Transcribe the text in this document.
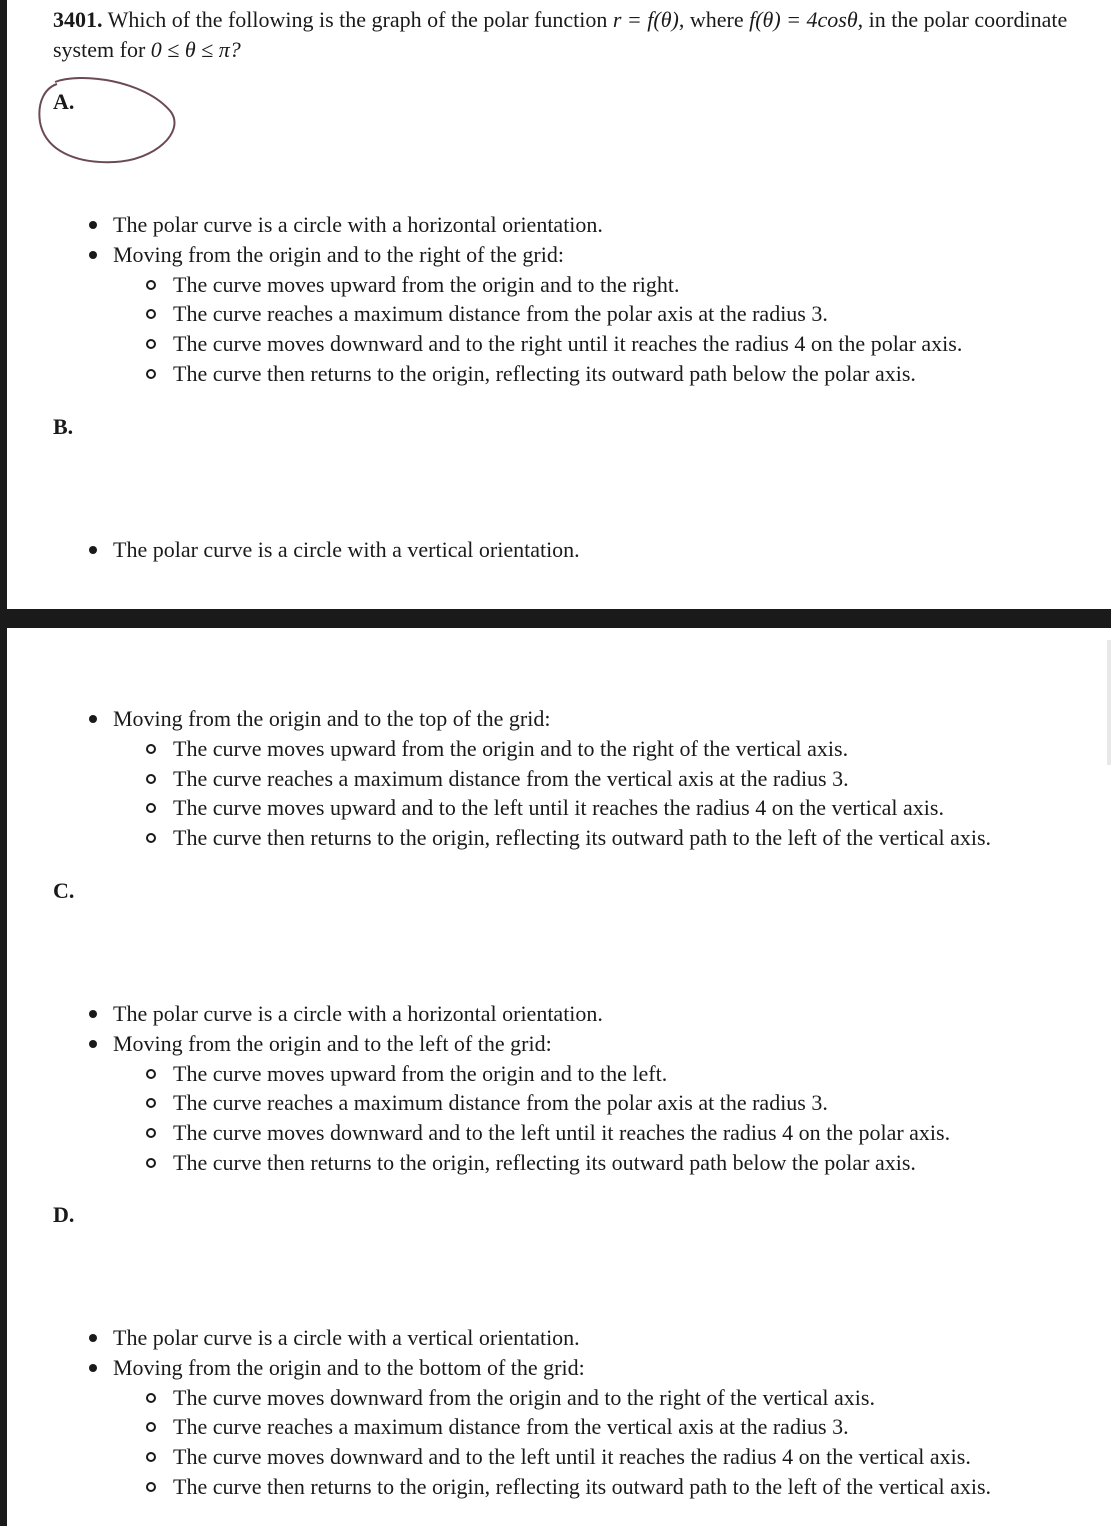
3401. Which of the following is the graph of the polar function r = f(θ), where f(θ) = 4cosθ, in the polar coordinate system for 0 ≤ θ ≤ π?

A.

The polar curve is a circle with a horizontal orientation.
Moving from the origin and to the right of the grid:
The curve moves upward from the origin and to the right.
The curve reaches a maximum distance from the polar axis at the radius 3.
The curve moves downward and to the right until it reaches the radius 4 on the polar axis.
The curve then returns to the origin, reflecting its outward path below the polar axis.

B.

The polar curve is a circle with a vertical orientation.
Moving from the origin and to the top of the grid:
The curve moves upward from the origin and to the right of the vertical axis.
The curve reaches a maximum distance from the vertical axis at the radius 3.
The curve moves upward and to the left until it reaches the radius 4 on the vertical axis.
The curve then returns to the origin, reflecting its outward path to the left of the vertical axis.

C.

The polar curve is a circle with a horizontal orientation.
Moving from the origin and to the left of the grid:
The curve moves upward from the origin and to the left.
The curve reaches a maximum distance from the polar axis at the radius 3.
The curve moves downward and to the left until it reaches the radius 4 on the polar axis.
The curve then returns to the origin, reflecting its outward path below the polar axis.

D.

The polar curve is a circle with a vertical orientation.
Moving from the origin and to the bottom of the grid:
The curve moves downward from the origin and to the right of the vertical axis.
The curve reaches a maximum distance from the vertical axis at the radius 3.
The curve moves downward and to the left until it reaches the radius 4 on the vertical axis.
The curve then returns to the origin, reflecting its outward path to the left of the vertical axis.
